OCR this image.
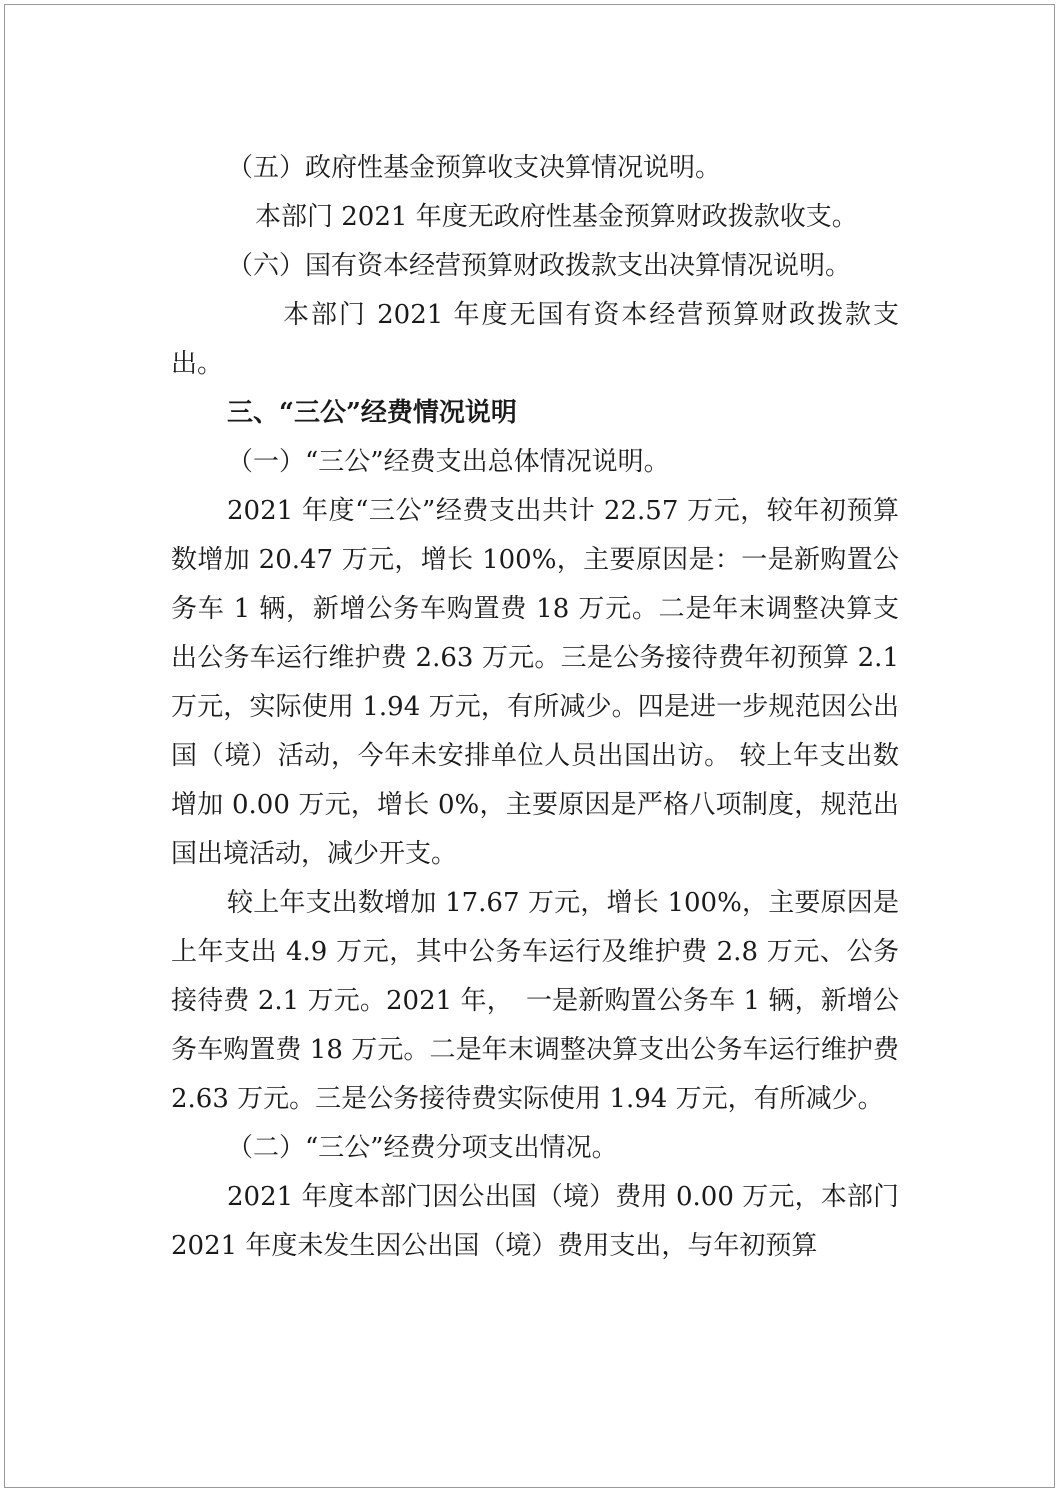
（五）政府性基金预算收支决算情况说明。

本部门 2021 年度无政府性基金预算财政拨款收支。

（六）国有资本经营预算财政拨款支出决算情况说明。

本部门 2021 年度无国有资本经营预算财政拨款支出。

三、“三公”经费情况说明

（一）“三公”经费支出总体情况说明。

2021 年度“三公”经费支出共计 22.57 万元，较年初预算数增加 20.47 万元，增长 100%，主要原因是：一是新购置公务车 1 辆，新增公务车购置费 18 万元。二是年末调整决算支出公务车运行维护费 2.63 万元。三是公务接待费年初预算 2.1 万元，实际使用 1.94 万元，有所减少。四是进一步规范因公出国（境）活动，今年未安排单位人员出国出访。 较上年支出数增加 0.00 万元，增长 0%，主要原因是严格八项制度，规范出国出境活动，减少开支。

较上年支出数增加 17.67 万元，增长 100%，主要原因是上年支出 4.9 万元，其中公务车运行及维护费 2.8 万元、公务接待费 2.1 万元。2021 年，　一是新购置公务车 1 辆，新增公务车购置费 18 万元。二是年末调整决算支出公务车运行维护费 2.63 万元。三是公务接待费实际使用 1.94 万元，有所减少。

（二）“三公”经费分项支出情况。

2021 年度本部门因公出国（境）费用 0.00 万元，本部门 2021 年度未发生因公出国（境）费用支出，与年初预算
